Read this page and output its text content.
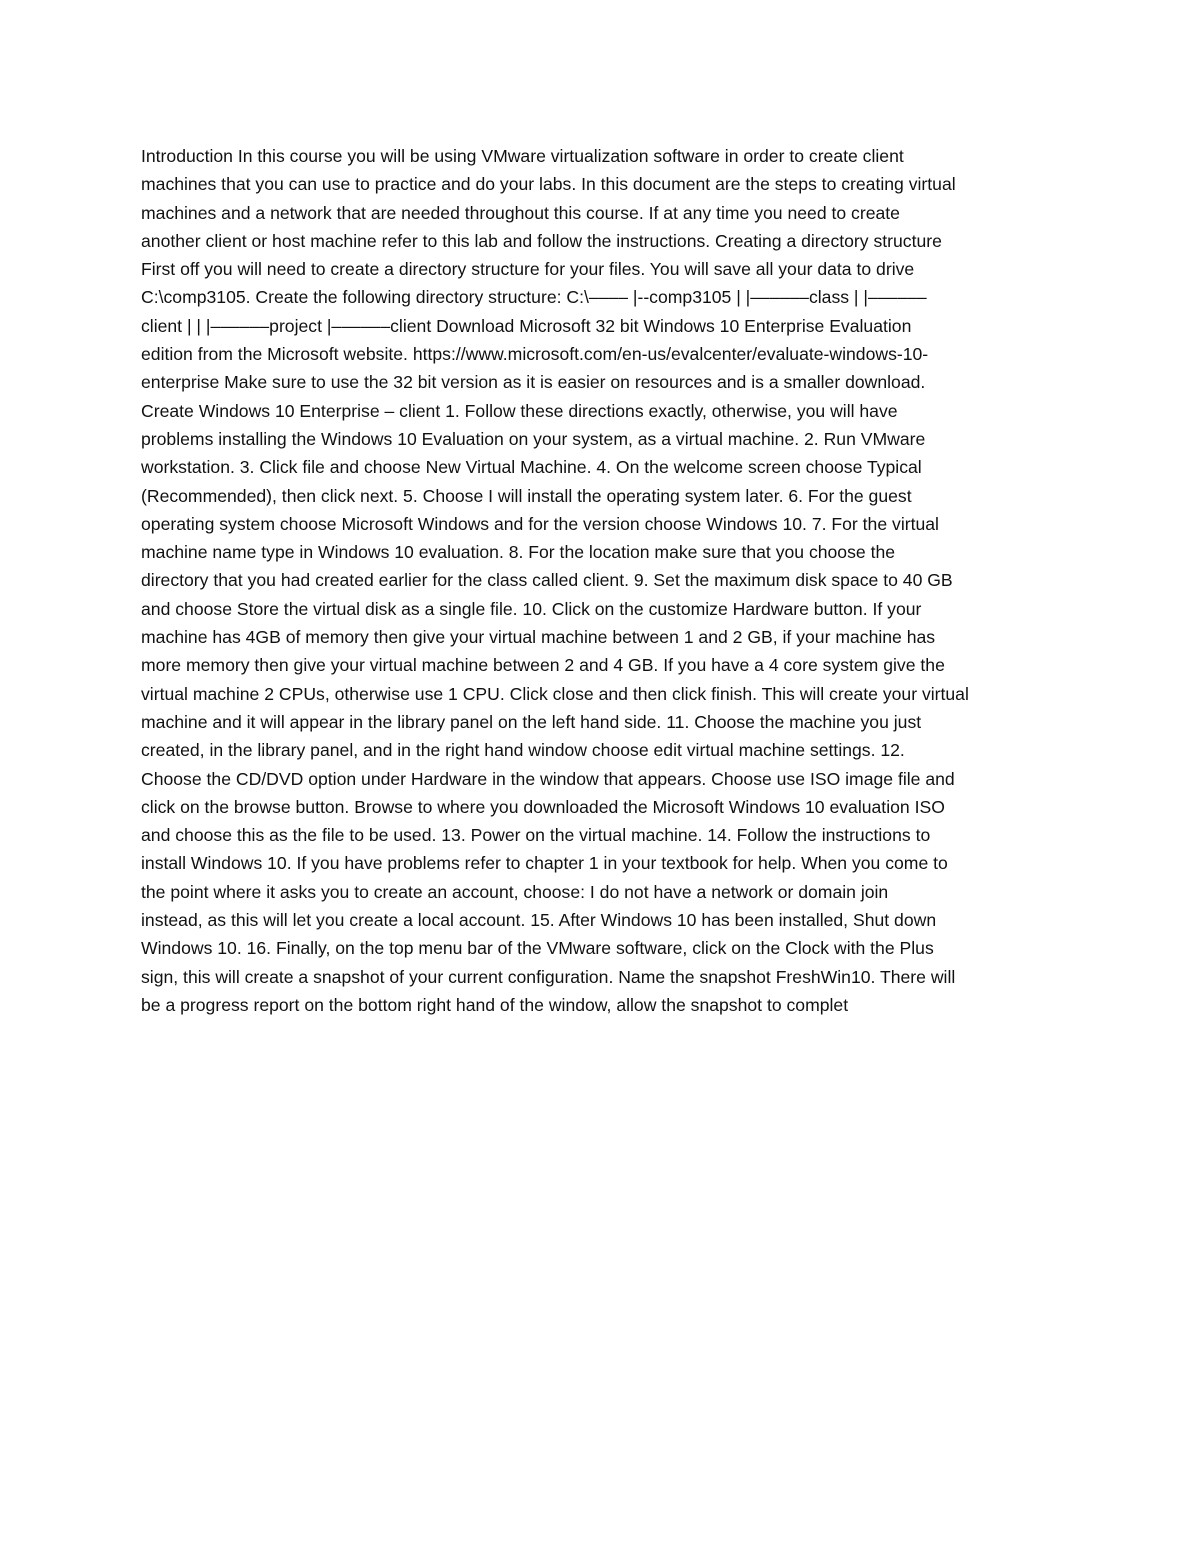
Introduction In this course you will be using VMware virtualization software in order to create client
machines that you can use to practice and do your labs. In this document are the steps to creating virtual
machines and a network that are needed throughout this course. If at any time you need to create
another client or host machine refer to this lab and follow the instructions. Creating a directory structure
First off you will need to create a directory structure for your files. You will save all your data to drive
C:\comp3105. Create the following directory structure: C:\–––– |--comp3105 | |––––––class | |––––––
client | | |––––––project |––––––client Download Microsoft 32 bit Windows 10 Enterprise Evaluation
edition from the Microsoft website. https://www.microsoft.com/en-us/evalcenter/evaluate-windows-10-
enterprise Make sure to use the 32 bit version as it is easier on resources and is a smaller download.
Create Windows 10 Enterprise – client 1. Follow these directions exactly, otherwise, you will have
problems installing the Windows 10 Evaluation on your system, as a virtual machine. 2. Run VMware
workstation. 3. Click file and choose New Virtual Machine. 4. On the welcome screen choose Typical
(Recommended), then click next. 5. Choose I will install the operating system later. 6. For the guest
operating system choose Microsoft Windows and for the version choose Windows 10. 7. For the virtual
machine name type in Windows 10 evaluation. 8. For the location make sure that you choose the
directory that you had created earlier for the class called client. 9. Set the maximum disk space to 40 GB
and choose Store the virtual disk as a single file. 10. Click on the customize Hardware button. If your
machine has 4GB of memory then give your virtual machine between 1 and 2 GB, if your machine has
more memory then give your virtual machine between 2 and 4 GB. If you have a 4 core system give the
virtual machine 2 CPUs, otherwise use 1 CPU. Click close and then click finish. This will create your virtual
machine and it will appear in the library panel on the left hand side. 11. Choose the machine you just
created, in the library panel, and in the right hand window choose edit virtual machine settings. 12.
Choose the CD/DVD option under Hardware in the window that appears. Choose use ISO image file and
click on the browse button. Browse to where you downloaded the Microsoft Windows 10 evaluation ISO
and choose this as the file to be used. 13. Power on the virtual machine. 14. Follow the instructions to
install Windows 10. If you have problems refer to chapter 1 in your textbook for help. When you come to
the point where it asks you to create an account, choose: I do not have a network or domain join
instead, as this will let you create a local account. 15. After Windows 10 has been installed, Shut down
Windows 10. 16. Finally, on the top menu bar of the VMware software, click on the Clock with the Plus
sign, this will create a snapshot of your current configuration. Name the snapshot FreshWin10. There will
be a progress report on the bottom right hand of the window, allow the snapshot to complet
